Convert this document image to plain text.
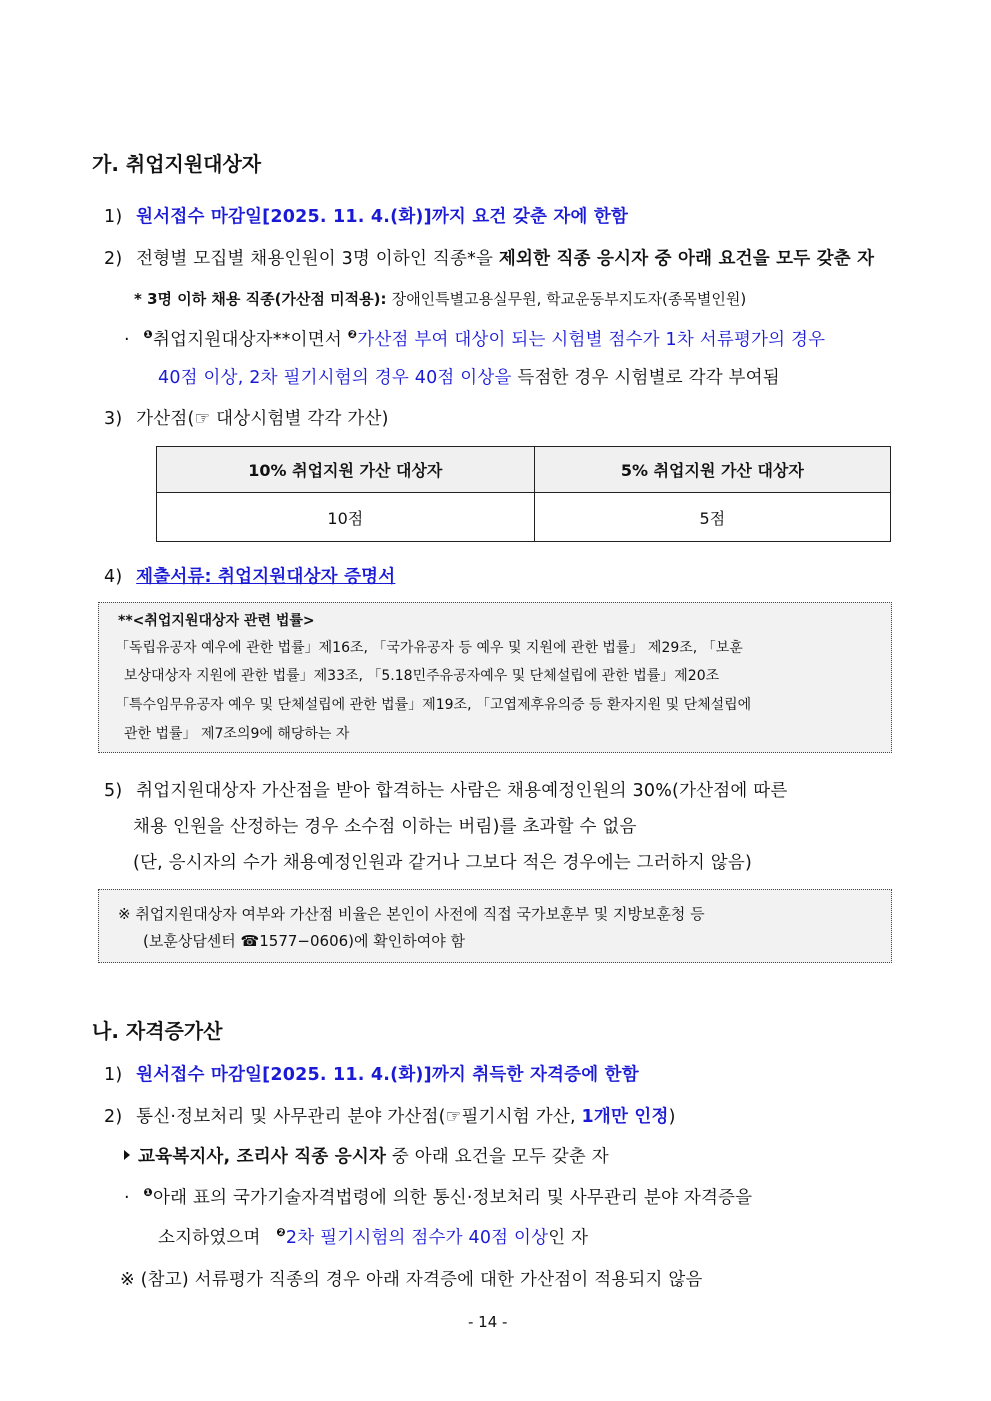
가. 취업지원대상자
1) 원서접수 마감일[2025. 11. 4.(화)]까지 요건 갖춘 자에 한함
2) 전형별 모집별 채용인원이 3명 이하인 직종*을 제외한 직종 응시자 중 아래 요건을 모두 갖춘 자
* 3명 이하 채용 직종(가산점 미적용): 장애인특별고용실무원, 학교운동부지도자(종목별인원)
· $^❶$취업지원대상자**이면서 $^❷$가산점 부여 대상이 되는 시험별 점수가 1차 서류평가의 경우
40점 이상, 2차 필기시험의 경우 40점 이상을 득점한 경우 시험별로 각각 부여됨
3) 가산점(☞ 대상시험별 각각 가산)
10% 취업지원 가산 대상자	5% 취업지원 가산 대상자
10점	5점
4) 제출서류: 취업지원대상자 증명서
**<취업지원대상자 관련 법률>
「독립유공자 예우에 관한 법률」제16조, 「국가유공자 등 예우 및 지원에 관한 법률」 제29조, 「보훈
보상대상자 지원에 관한 법률」제33조, 「5.18민주유공자예우 및 단체설립에 관한 법률」제20조
「특수임무유공자 예우 및 단체설립에 관한 법률」제19조, 「고엽제후유의증 등 환자지원 및 단체설립에
관한 법률」 제7조의9에 해당하는 자
5) 취업지원대상자 가산점을 받아 합격하는 사람은 채용예정인원의 30%(가산점에 따른
채용 인원을 산정하는 경우 소수점 이하는 버림)를 초과할 수 없음
(단, 응시자의 수가 채용예정인원과 같거나 그보다 적은 경우에는 그러하지 않음)
※ 취업지원대상자 여부와 가산점 비율은 본인이 사전에 직접 국가보훈부 및 지방보훈청 등
(보훈상담센터 ☎1577−0606)에 확인하여야 함
나. 자격증가산
1) 원서접수 마감일[2025. 11. 4.(화)]까지 취득한 자격증에 한함
2) 통신·정보처리 및 사무관리 분야 가산점(☞필기시험 가산, 1개만 인정)
교육복지사, 조리사 직종 응시자 중 아래 요건을 모두 갖춘 자
· $^❶$아래 표의 국가기술자격법령에 의한 통신·정보처리 및 사무관리 분야 자격증을
소지하였으며 $^❷$2차 필기시험의 점수가 40점 이상인 자
※ (참고) 서류평가 직종의 경우 아래 자격증에 대한 가산점이 적용되지 않음
- 14 -
